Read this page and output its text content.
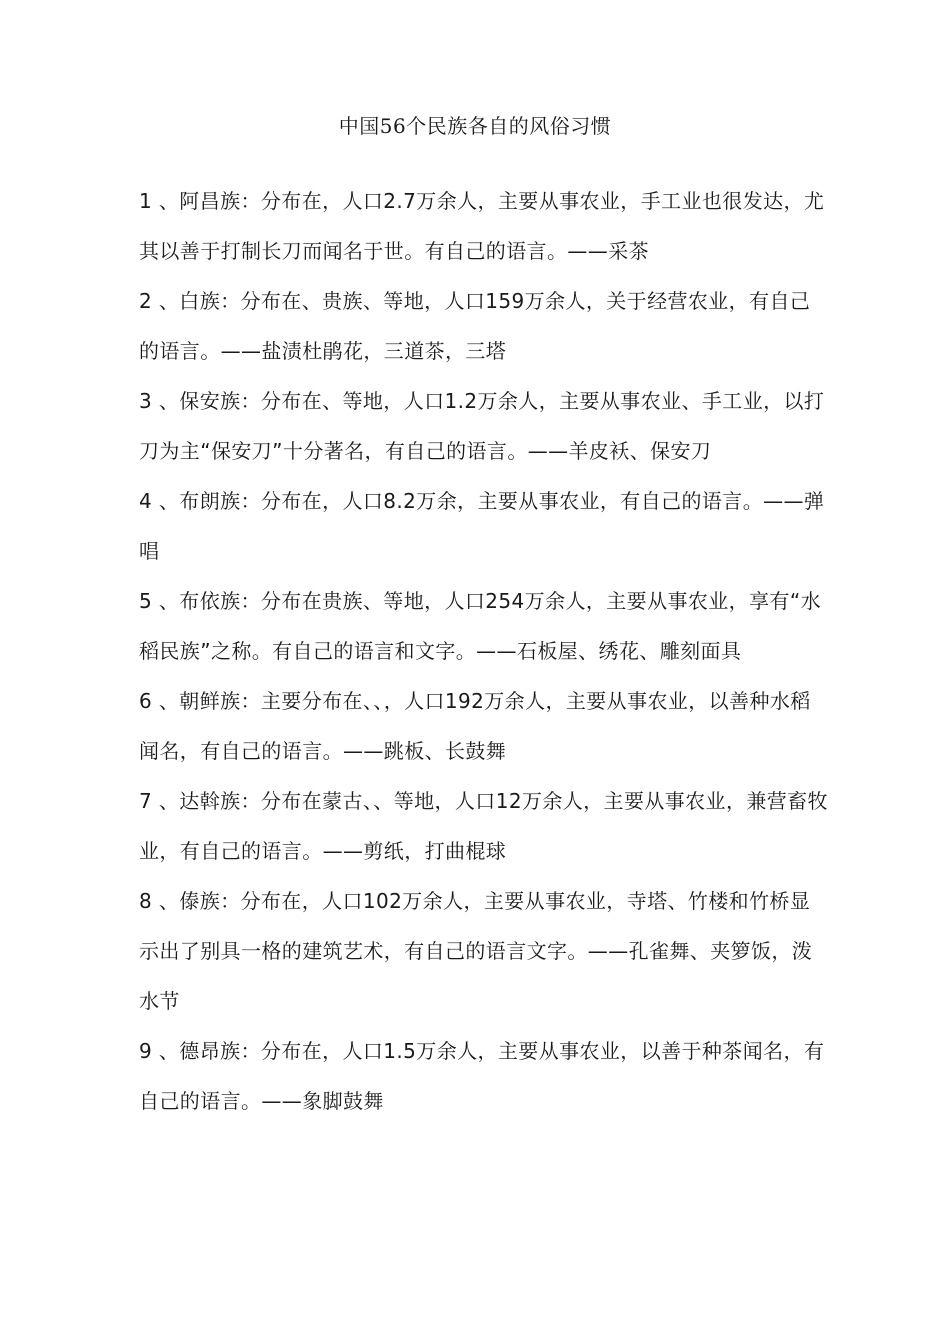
中国56个民族各自的风俗习惯
1 、阿昌族：分布在，人口2.7万余人，主要从事农业，手工业也很发达，尤其以善于打制长刀而闻名于世。有自己的语言。——采茶
2 、白族：分布在、贵族、等地，人口159万余人，关于经营农业，有自己的语言。——盐渍杜鹃花，三道茶，三塔
3 、保安族：分布在、等地，人口1.2万余人，主要从事农业、手工业，以打刀为主“保安刀”十分著名，有自己的语言。——羊皮袄、保安刀
4 、布朗族：分布在，人口8.2万余，主要从事农业，有自己的语言。——弹唱
5 、布依族：分布在贵族、等地，人口254万余人，主要从事农业，享有“水稻民族”之称。有自己的语言和文字。——石板屋、绣花、雕刻面具
6 、朝鲜族：主要分布在、、，人口192万余人，主要从事农业，以善种水稻闻名，有自己的语言。——跳板、长鼓舞
7 、达斡族：分布在蒙古、、等地，人口12万余人，主要从事农业，兼营畜牧业，有自己的语言。——剪纸，打曲棍球
8 、傣族：分布在，人口102万余人，主要从事农业，寺塔、竹楼和竹桥显示出了别具一格的建筑艺术，有自己的语言文字。——孔雀舞、夹箩饭，泼水节
9 、德昂族：分布在，人口1.5万余人，主要从事农业，以善于种茶闻名，有自己的语言。——象脚鼓舞
